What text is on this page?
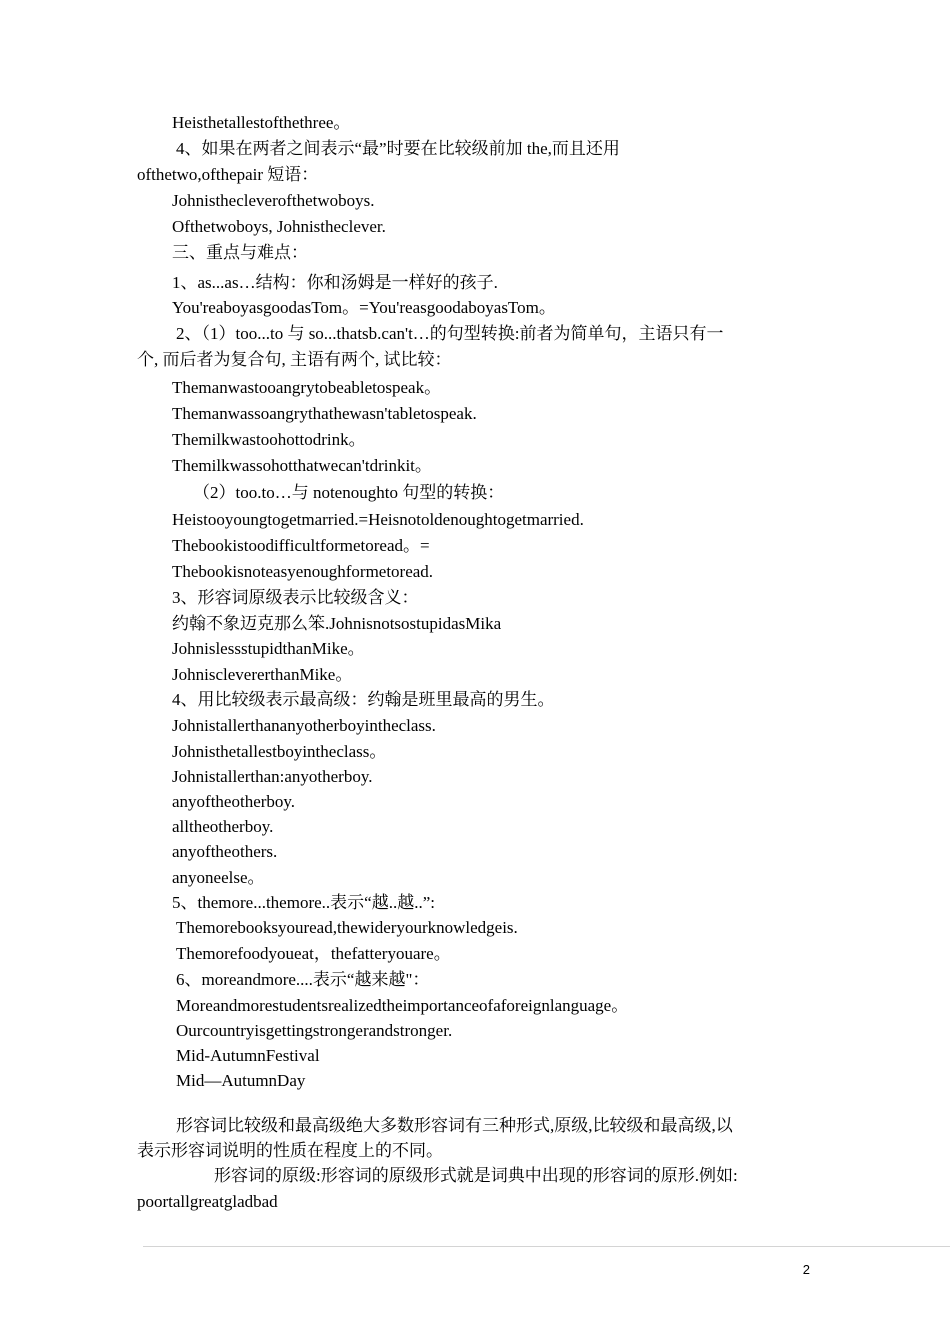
Heisthetallestofthethree。
4、如果在两者之间表示“最”时要在比较级前加 the,而且还用
ofthetwo,ofthepair 短语：
Johnisthecleverofthetwoboys.
Ofthetwoboys, Johnistheclever.
三、重点与难点：
1、as...as…结构：你和汤姆是一样好的孩子.
You'reaboyasgoodasTom。=You'reasgoodaboyasTom。
2、（1）too...to 与 so...thatsb.can't…的句型转换:前者为简单句，主语只有一
个, 而后者为复合句, 主语有两个, 试比较：
Themanwastooangrytobeabletospeak。
Themanwassoangrythathewasn'tabletospeak.
Themilkwastoohottodrink。
Themilkwassohotthatwecan'tdrinkit。
（2）too.to…与 notenoughto 句型的转换：
Heistooyoungtogetmarried.=Heisnotoldenoughtogetmarried.
Thebookistoodifficultformetoread。=
Thebookisnoteasyenoughformetoread.
3、形容词原级表示比较级含义：
约翰不象迈克那么笨.JohnisnotsostupidasMika
JohnislessstupidthanMike。
JohnisclevererthanMike。
4、用比较级表示最高级：约翰是班里最高的男生。
Johnistallerthananyotherboyintheclass.
Johnisthetallestboyintheclass。
Johnistallerthan:anyotherboy.
anyoftheotherboy.
alltheotherboy.
anyoftheothers.
anyoneelse。
5、themore...themore..表示“越..越..”:
Themorebooksyouread,thewideryourknowledgeis.
Themorefoodyoueat，thefatteryouare。
6、moreandmore....表示“越来越"：
Moreandmorestudentsrealizedtheimportanceofaforeignlanguage。
Ourcountryisgettingstrongerandstronger.
Mid-AutumnFestival
Mid—AutumnDay
形容词比较级和最高级绝大多数形容词有三种形式,原级,比较级和最高级,以
表示形容词说明的性质在程度上的不同。
形容词的原级:形容词的原级形式就是词典中出现的形容词的原形.例如:
poortallgreatgladbad
2
